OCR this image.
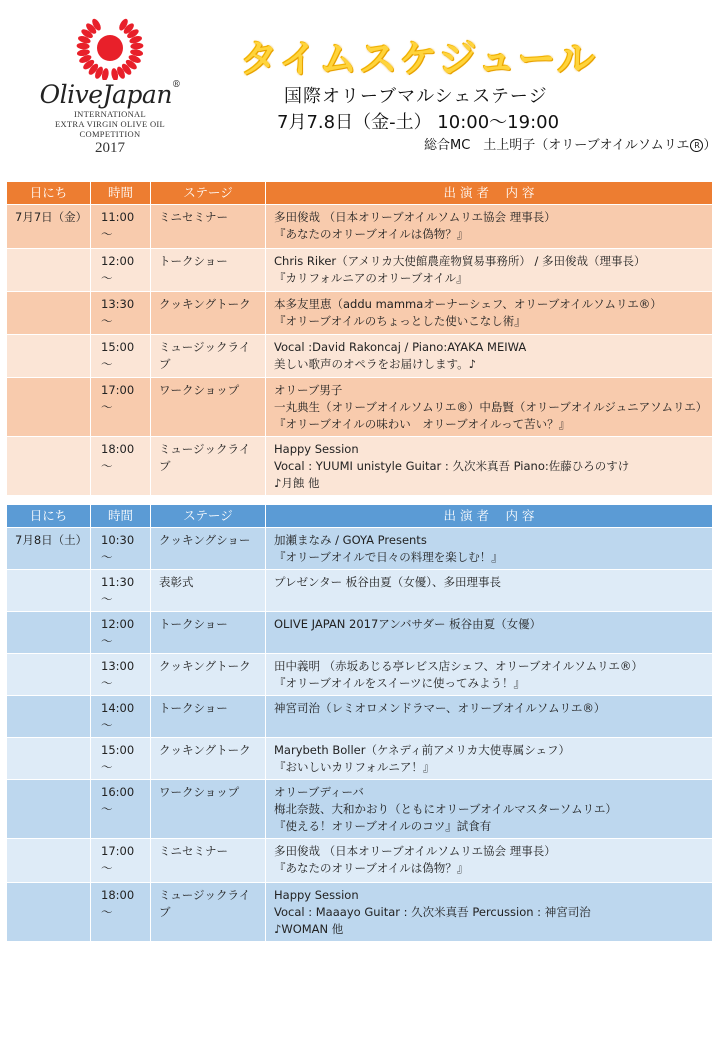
OliveJapan®
INTERNATIONAL
EXTRA VIRGIN OLIVE OIL
COMPETITION
2017
タイムスケジュール
国際オリーブマルシェステージ
7月7.8日（金-土） 10:00～19:00
総合MC　土上明子（オリーブオイルソムリエ R ）
日にち	時間	ステージ	出 演 者　 内 容
7月7日（金）	11:00～	ミニセミナー	多田俊哉 （日本オリーブオイルソムリエ協会 理事長）
『あなたのオリーブオイルは偽物？』

	12:00～	トークショー	Chris Riker（アメリカ大使館農産物貿易事務所） / 多田俊哉（理事長）
『カリフォルニアのオリーブオイル』

	13:30～	クッキングトーク	本多友里恵（addu mammaオーナーシェフ、オリーブオイルソムリエ®）
『オリーブオイルのちょっとした使いこなし術』

	15:00～	ミュージックライブ	Vocal :David Rakoncaj / Piano:AYAKA MEIWA
美しい歌声のオペラをお届けします。♪

	17:00～	ワークショップ	オリーブ男子
一丸典生（オリーブオイルソムリエ®）中島賢（オリーブオイルジュニアソムリエ）
『オリーブオイルの味わい　オリーブオイルって苦い？』

	18:00～	ミュージックライブ	Happy Session
Vocal : YUUMI unistyle Guitar : 久次米真吾 Piano:佐藤ひろのすけ
♪月蝕 他
日にち	時間	ステージ	出 演 者　 内 容
7月8日（土）	10:30～	クッキングショー	加瀬まなみ / GOYA Presents
『オリーブオイルで日々の料理を楽しむ！』

	11:30～	表彰式	プレゼンター 板谷由夏（女優）、多田理事長

	12:00～	トークショー	OLIVE JAPAN 2017アンバサダー 板谷由夏（女優）

	13:00～	クッキングトーク	田中義明 （赤坂あじる亭レビス店シェフ、オリーブオイルソムリエ®）
『オリーブオイルをスイーツに使ってみよう！』

	14:00～	トークショー	神宮司治（レミオロメンドラマー、オリーブオイルソムリエ®）

	15:00～	クッキングトーク	Marybeth Boller（ケネディ前アメリカ大使専属シェフ）
『おいしいカリフォルニア！』

	16:00～	ワークショップ	オリーブディーバ
梅北奈鼓、大和かおり（ともにオリーブオイルマスターソムリエ）
『使える！オリーブオイルのコツ』試食有

	17:00～	ミニセミナー	多田俊哉 （日本オリーブオイルソムリエ協会 理事長）
『あなたのオリーブオイルは偽物？』

	18:00～	ミュージックライブ	Happy Session
Vocal : Maaayo Guitar : 久次米真吾 Percussion : 神宮司治
♪WOMAN 他
